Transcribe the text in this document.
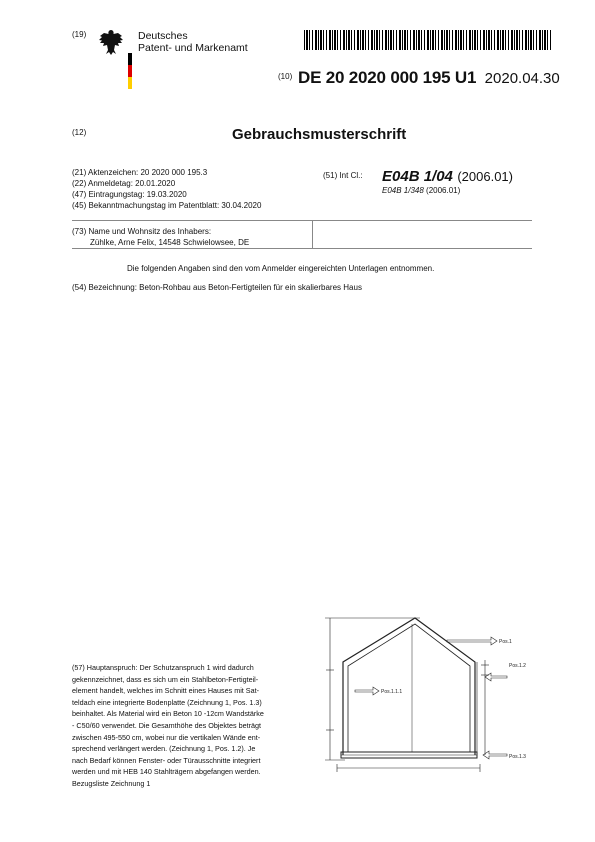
(19)	Deutsches
Patent- und Markenamt
(10) DE 20 2020 000 195 U1 2020.04.30
(12)	Gebrauchsmusterschrift
(21) Aktenzeichen: 20 2020 000 195.3
(22) Anmeldetag: 20.01.2020
(47) Eintragungstag: 19.03.2020
(45) Bekanntmachungstag im Patentblatt: 30.04.2020
(51) Int Cl.: E04B 1/04 (2006.01)
E04B 1/348 (2006.01)
(73) Name und Wohnsitz des Inhabers:
Zühlke, Arne Felix, 14548 Schwielowsee, DE
Die folgenden Angaben sind den vom Anmelder eingereichten Unterlagen entnommen.
(54) Bezeichnung: Beton-Rohbau aus Beton-Fertigteilen für ein skalierbares Haus
(57) Hauptanspruch: Der Schutzanspruch 1 wird dadurch
gekennzeichnet, dass es sich um ein Stahlbeton-Fertigteil-
element handelt, welches im Schnitt eines Hauses mit Sat-
teldach eine integrierte Bodenplatte (Zeichnung 1, Pos. 1.3)
beinhaltet. Als Material wird ein Beton 10 -12cm Wandstärke
- C50/60 verwendet. Die Gesamthöhe des Objektes beträgt
zwischen 495-550 cm, wobei nur die vertikalen Wände ent-
sprechend verlängert werden. (Zeichnung 1, Pos. 1.2). Je
nach Bedarf können Fenster- oder Türausschnitte integriert
werden und mit HEB 140 Stahlträgern abgefangen werden.
Bezugsliste Zeichnung 1
Pos.1
Pos.1.2
Pos.1.1.1
Pos.1.3
